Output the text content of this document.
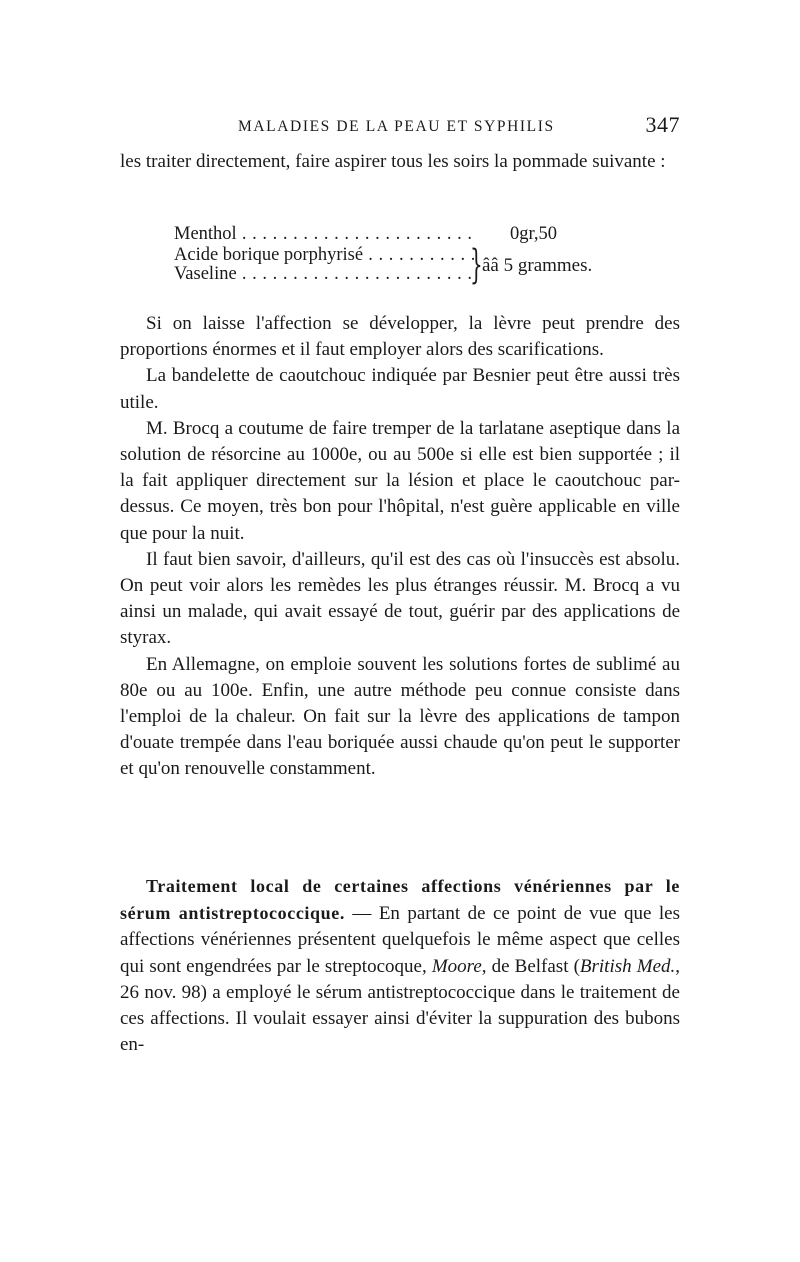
MALADIES DE LA PEAU ET SYPHILIS	347

les traiter directement, faire aspirer tous les soirs la pommade suivante :

Menthol . . .	0gr,50
Acide borique porphyrisé . . .
Vaseline . . .	} ââ 5 grammes.

Si on laisse l'affection se développer, la lèvre peut prendre des proportions énormes et il faut employer alors des scarifications.

La bandelette de caoutchouc indiquée par Besnier peut être aussi très utile.

M. Brocq a coutume de faire tremper de la tarlatane aseptique dans la solution de résorcine au 1000e, ou au 500e si elle est bien supportée ; il la fait appliquer directement sur la lésion et place le caoutchouc par-dessus. Ce moyen, très bon pour l'hôpital, n'est guère applicable en ville que pour la nuit.

Il faut bien savoir, d'ailleurs, qu'il est des cas où l'insuccès est absolu. On peut voir alors les remèdes les plus étranges réussir. M. Brocq a vu ainsi un malade, qui avait essayé de tout, guérir par des applications de styrax.

En Allemagne, on emploie souvent les solutions fortes de sublimé au 80e ou au 100e. Enfin, une autre méthode peu connue consiste dans l'emploi de la chaleur. On fait sur la lèvre des applications de tampon d'ouate trempée dans l'eau boriquée aussi chaude qu'on peut le supporter et qu'on renouvelle constamment.

Traitement local de certaines affections vénériennes par le sérum antistreptococcique. — En partant de ce point de vue que les affections vénériennes présentent quelquefois le même aspect que celles qui sont engendrées par le streptocoque, Moore, de Belfast (British Med., 26 nov. 98) a employé le sérum antistreptococcique dans le traitement de ces affections. Il voulait essayer ainsi d'éviter la suppuration des bubons en-
